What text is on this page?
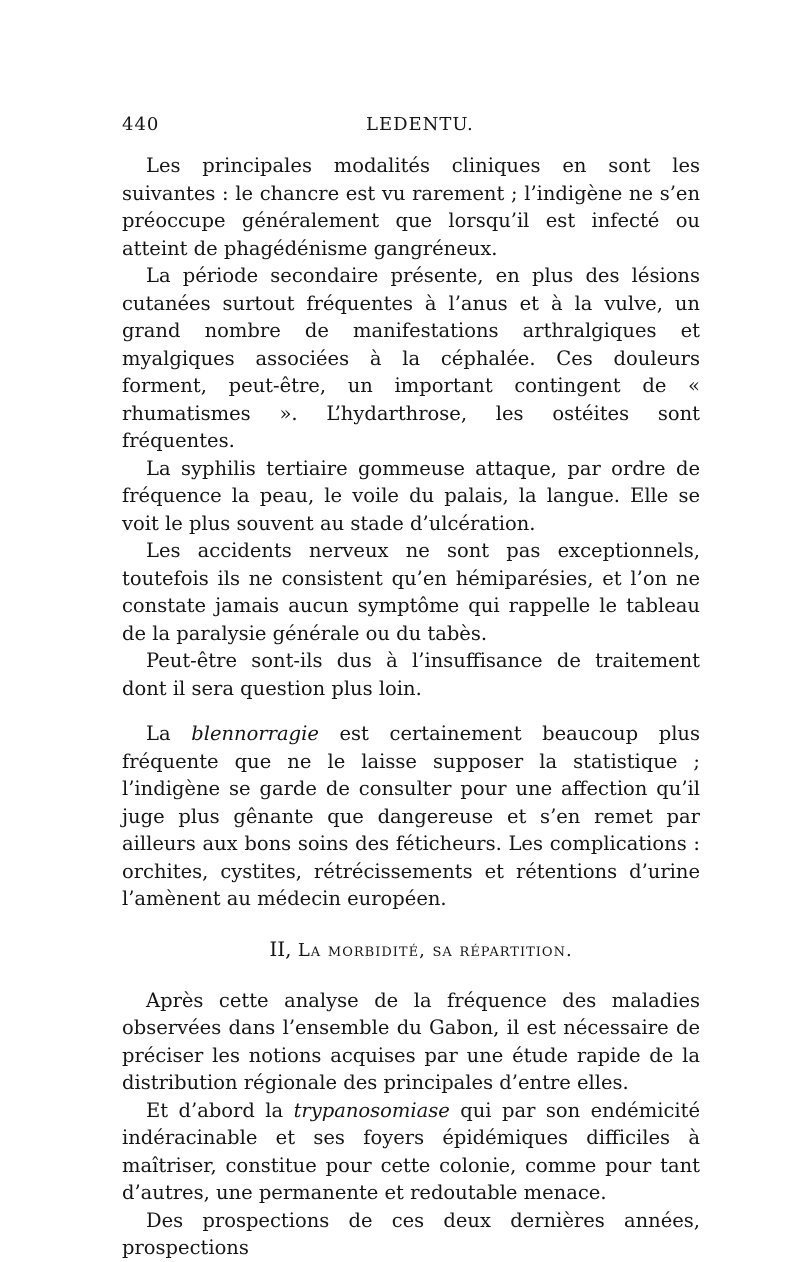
440	LEDENTU.

Les principales modalités cliniques en sont les suivantes : le chancre est vu rarement ; l’indigène ne s’en préoccupe généralement que lorsqu’il est infecté ou atteint de phagédénisme gangréneux.

La période secondaire présente, en plus des lésions cutanées surtout fréquentes à l’anus et à la vulve, un grand nombre de manifestations arthralgiques et myalgiques associées à la céphalée. Ces douleurs forment, peut-être, un important contingent de « rhumatismes ». L’hydarthrose, les ostéites sont fréquentes.

La syphilis tertiaire gommeuse attaque, par ordre de fréquence la peau, le voile du palais, la langue. Elle se voit le plus souvent au stade d’ulcération.

Les accidents nerveux ne sont pas exceptionnels, toutefois ils ne consistent qu’en hémiparésies, et l’on ne constate jamais aucun symptôme qui rappelle le tableau de la paralysie générale ou du tabès.

Peut-être sont-ils dus à l’insuffisance de traitement dont il sera question plus loin.

La blennorragie est certainement beaucoup plus fréquente que ne le laisse supposer la statistique ; l’indigène se garde de consulter pour une affection qu’il juge plus gênante que dangereuse et s’en remet par ailleurs aux bons soins des féticheurs. Les complications : orchites, cystites, rétrécissements et rétentions d’urine l’amènent au médecin européen.

II, La morbidité, sa répartition.

Après cette analyse de la fréquence des maladies observées dans l’ensemble du Gabon, il est nécessaire de préciser les notions acquises par une étude rapide de la distribution régionale des principales d’entre elles.

Et d’abord la trypanosomiase qui par son endémicité indéracinable et ses foyers épidémiques difficiles à maîtriser, constitue pour cette colonie, comme pour tant d’autres, une permanente et redoutable menace.

Des prospections de ces deux dernières années, prospections
